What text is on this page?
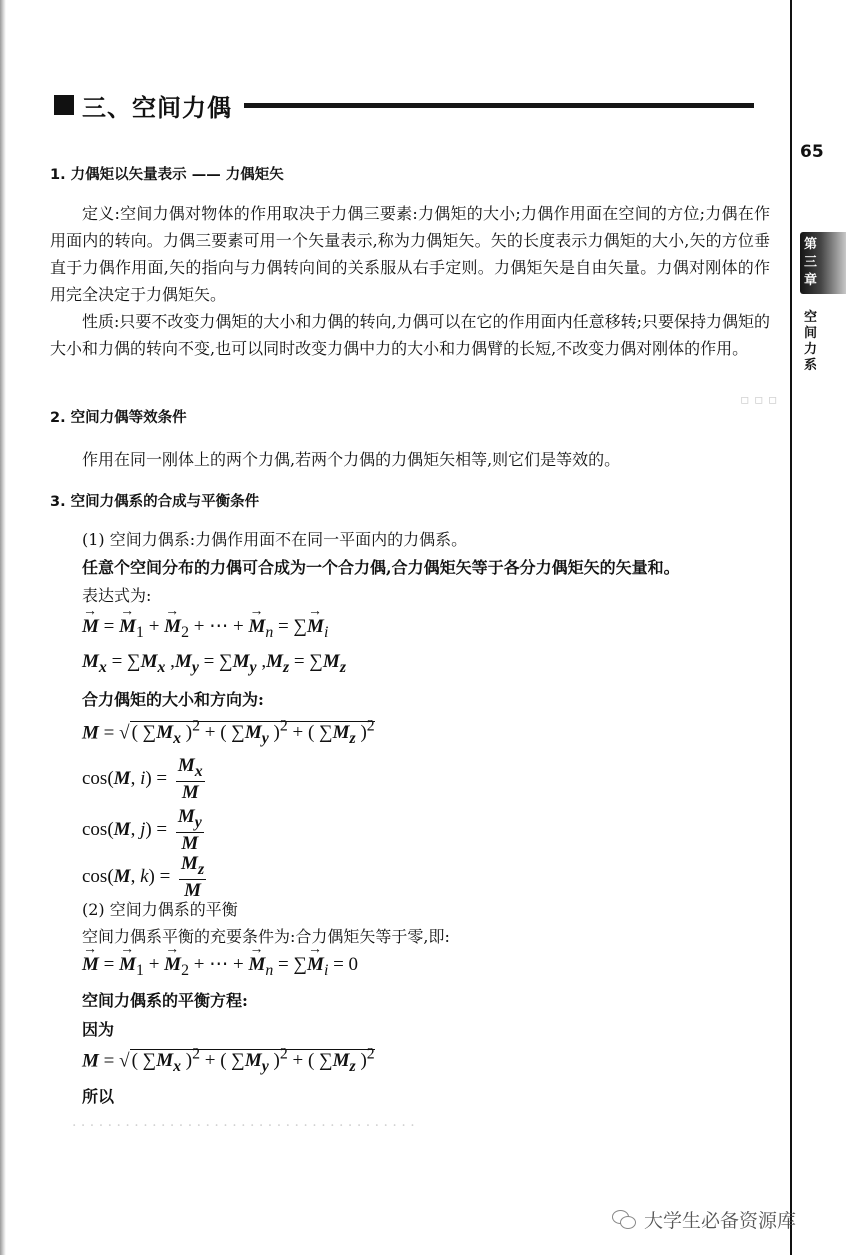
▫ ▫ ▫
· · · · · · · · · · · · · · · · · · · · · · · · · · · · · · · · · · · · · · ·
三、空间力偶
65
第三章
空间力系
1. 力偶矩以矢量表示 —— 力偶矩矢
定义:空间力偶对物体的作用取决于力偶三要素:力偶矩的大小;力偶作用面在空间的方位;力偶在作用面内的转向。力偶三要素可用一个矢量表示,称为力偶矩矢。矢的长度表示力偶矩的大小,矢的方位垂直于力偶作用面,矢的指向与力偶转向间的关系服从右手定则。力偶矩矢是自由矢量。力偶对刚体的作用完全决定于力偶矩矢。
性质:只要不改变力偶矩的大小和力偶的转向,力偶可以在它的作用面内任意移转;只要保持力偶矩的大小和力偶的转向不变,也可以同时改变力偶中力的大小和力偶臂的长短,不改变力偶对刚体的作用。
2. 空间力偶等效条件
作用在同一刚体上的两个力偶,若两个力偶的力偶矩矢相等,则它们是等效的。
3. 空间力偶系的合成与平衡条件
(1) 空间力偶系:力偶作用面不在同一平面内的力偶系。
任意个空间分布的力偶可合成为一个合力偶,合力偶矩矢等于各分力偶矩矢的矢量和。
表达式为:
→ M = → $M_1$ + → $M_2$ + ⋯ + → $M_n$ = ∑→ $M_i$
$M_x = \sum M_x$ $,M_y = \sum M_y$ $,M_z = \sum M_z$
合力偶矩的大小和方向为:
M = √ ( $\sum M_x$ )$^2$ + ( $\sum M_y$ )$^2$ + ( $\sum M_z$ )$^2$
cos(M, $i) = \frac{M_x}{M}$
cos(M, $j) = \frac{M_y}{M}$
cos(M, $k) = \frac{M_z}{M}$
(2) 空间力偶系的平衡
空间力偶系平衡的充要条件为:合力偶矩矢等于零,即:
→ M = → $M_1$ + → $M_2$ + ⋯ + → $M_n$ = ∑→ $M_i = 0$
空间力偶系的平衡方程:
因为
M = √ ( $\sum M_x$ )$^2$ + ( $\sum M_y$ )$^2$ + ( $\sum M_z$ )$^2$
所以
大学生必备资源库
